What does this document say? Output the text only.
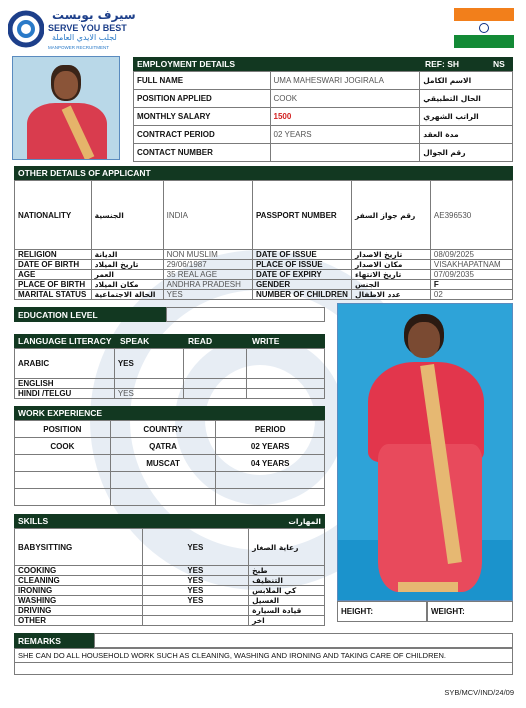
سيرف يوبست
SERVE YOU BEST
لجلب الايدي العاملة
MANPOWER RECRUITMENT
EMPLOYMENT DETAILS	REF: SH	NS
FULL NAME	UMA MAHESWARI JOGIRALA	الاسم الكامل
POSITION APPLIED	COOK	الحال التطبيقي
MONTHLY SALARY	1500	الراتب الشهري
CONTRACT PERIOD	02 YEARS	مدة العقد
CONTACT NUMBER		رقم الجوال
OTHER DETAILS OF APPLICANT
NATIONALITY	الجنسية	INDIA	PASSPORT NUMBER	رقم جواز السفر	AE396530
RELIGION	الديانة	NON MUSLIM	DATE OF ISSUE	تاريخ الاصدار	08/09/2025
DATE OF BIRTH	تاريخ الميلاد	29/06/1987	PLACE OF ISSUE	مكان الاصدار	VISAKHAPATNAM
AGE	العمر	35 REAL AGE	DATE OF EXPIRY	تاريخ الانتهاء	07/09/2035
PLACE OF BIRTH	مكان الميلاد	ANDHRA PRADESH	GENDER	الجنس	F
MARITAL STATUS	الحالة الاجتماعية	YES	NUMBER OF CHILDREN	عدد الاطفال	02
EDUCATION LEVEL
LANGUAGE LITERACY SPEAK	READ	WRITE
ARABIC	YES		
ENGLISH			
HINDI /TELGU	YES		
WORK EXPERIENCE
POSITION	COUNTRY	PERIOD
COOK	QATRA	02 YEARS
	MUSCAT	04 YEARS

SKILLS	المهارات
BABYSITTING	YES	رعاية الصغار
COOKING	YES	طبخ
CLEANING	YES	التنظيف
IRONING	YES	كي الملابس
WASHING	YES	الغسيل
DRIVING		قيادة السيارة
OTHER		اخر
HEIGHT:	WEIGHT:
REMARKS
SHE CAN DO ALL HOUSEHOLD WORK SUCH AS CLEANING, WASHING AND IRONING AND TAKING CARE OF CHILDREN.
SYB/MCV/IND/24/09
